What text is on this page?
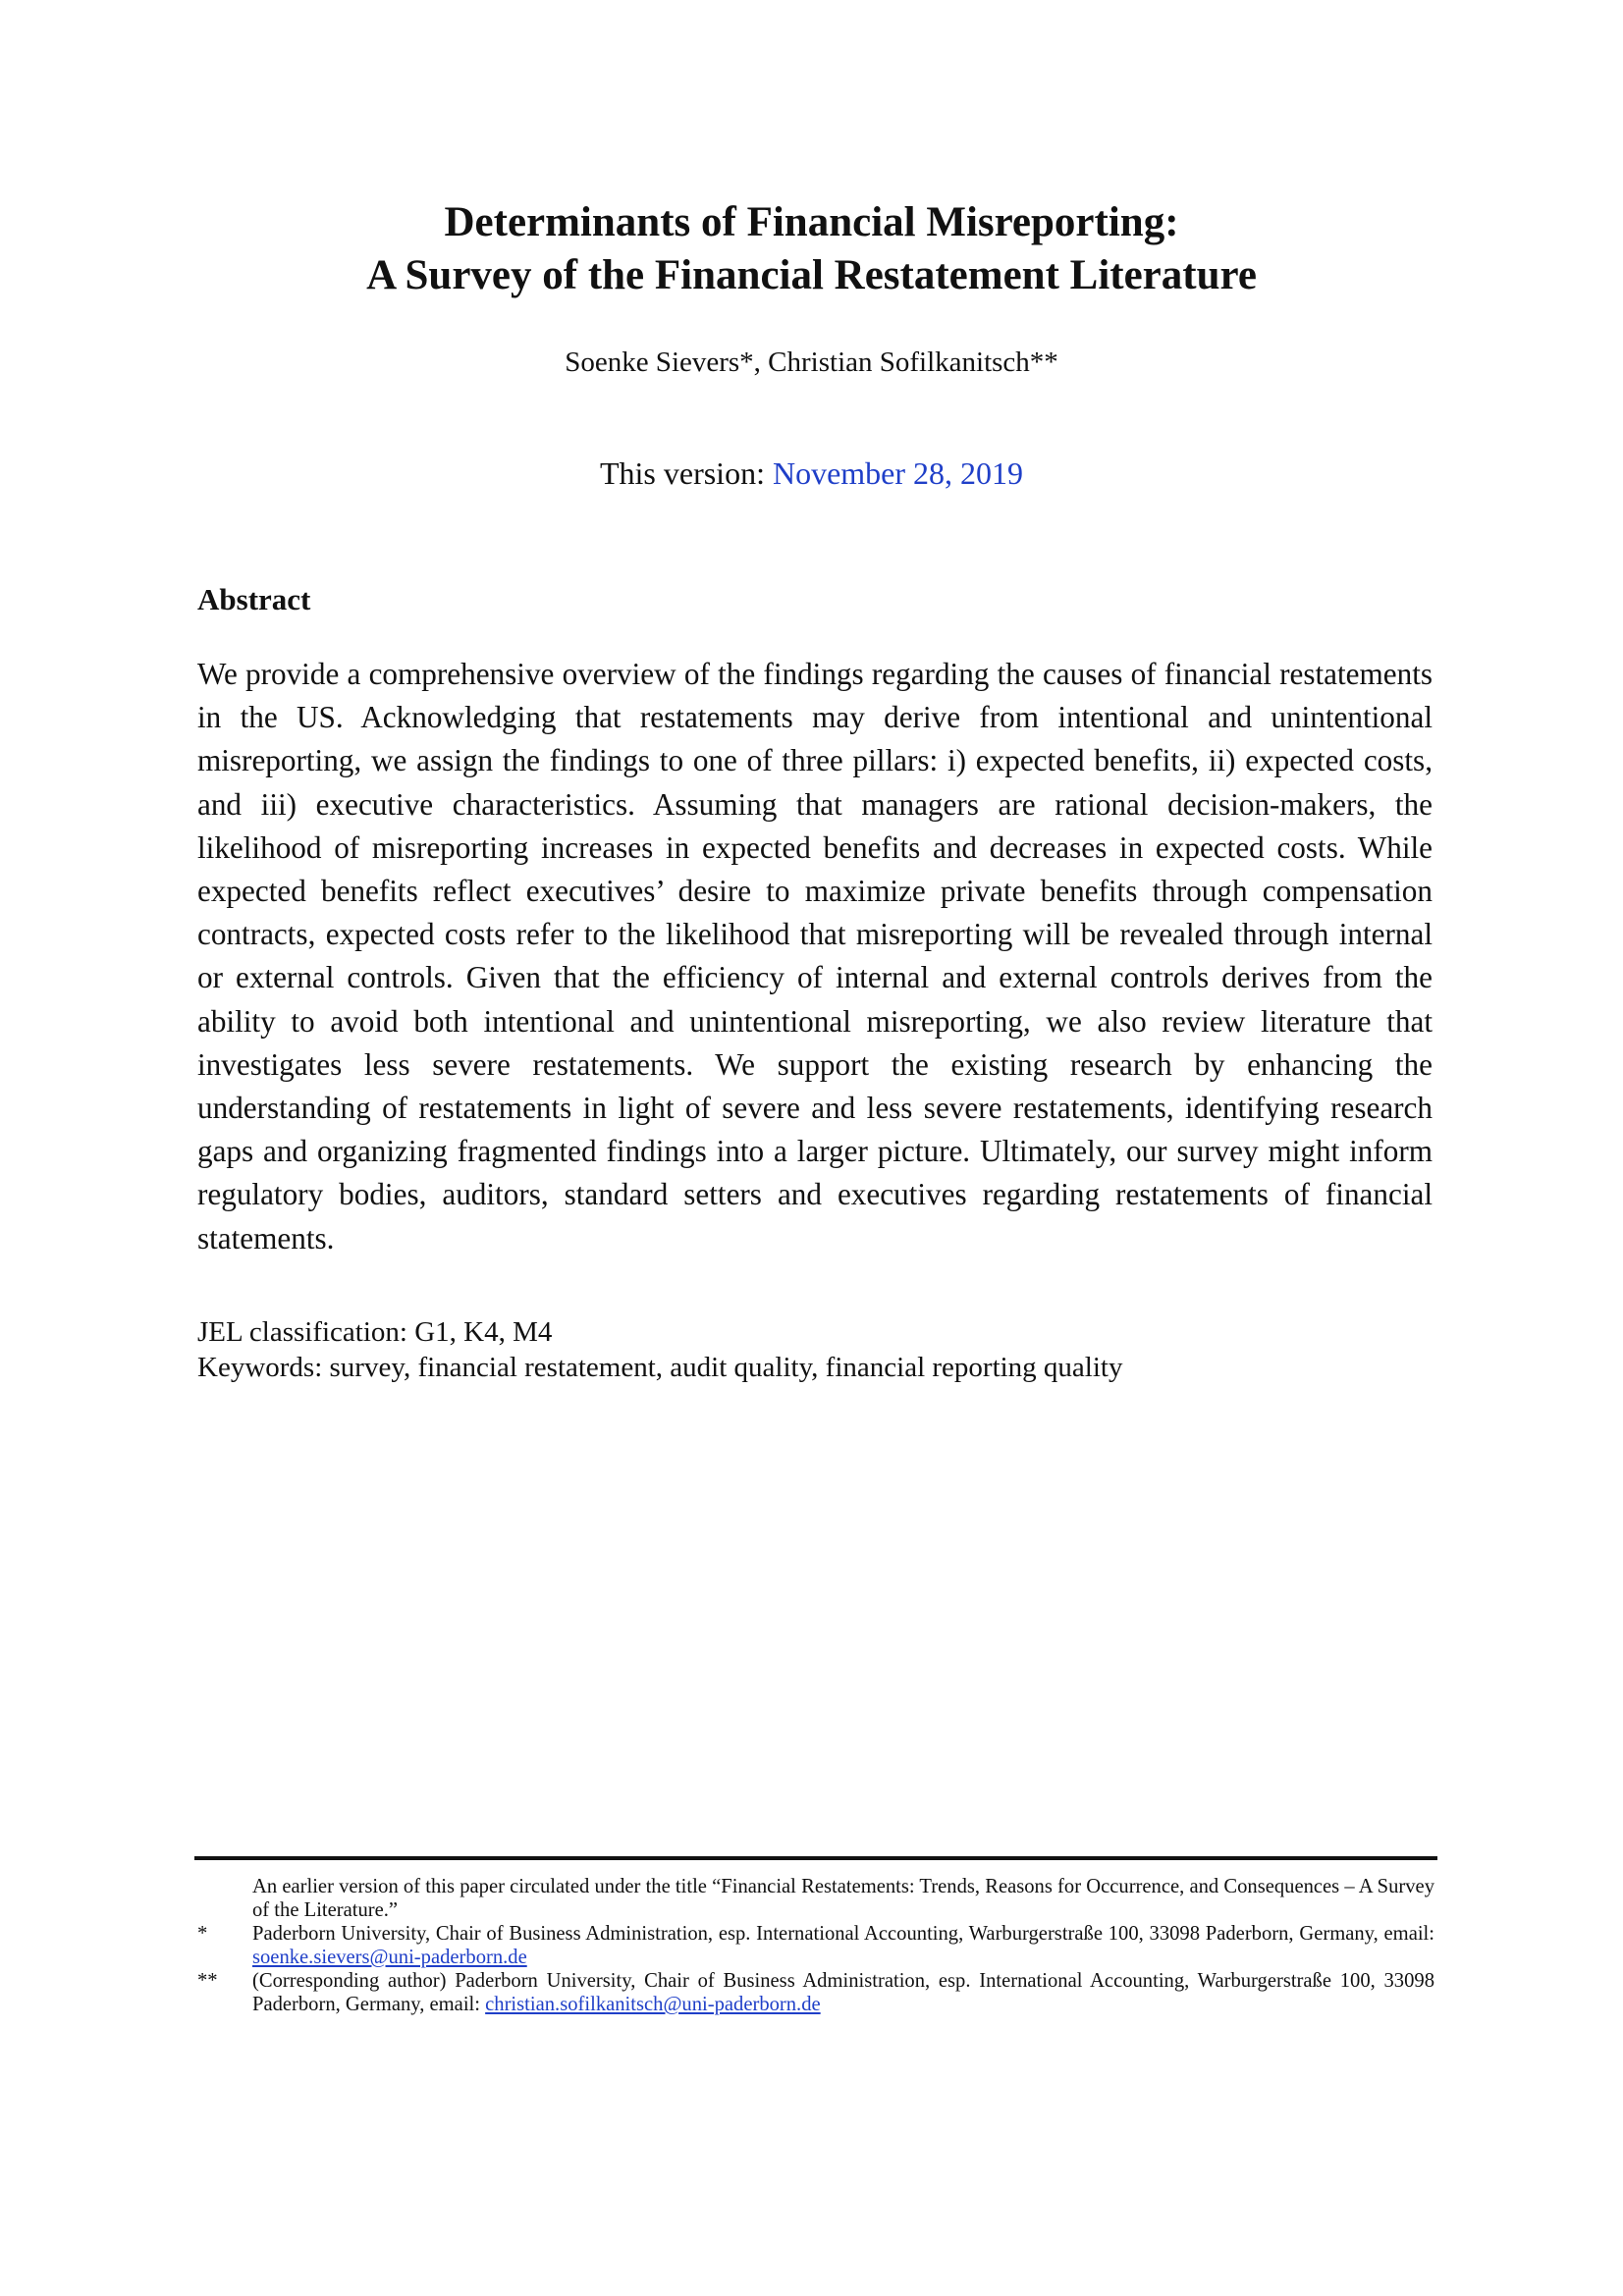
Determinants of Financial Misreporting:
A Survey of the Financial Restatement Literature
Soenke Sievers*, Christian Sofilkanitsch**
This version: November 28, 2019
Abstract

We provide a comprehensive overview of the findings regarding the causes of financial restatements in the US. Acknowledging that restatements may derive from intentional and unintentional misreporting, we assign the findings to one of three pillars: i) expected benefits, ii) expected costs, and iii) executive characteristics. Assuming that managers are rational decision-makers, the likelihood of misreporting increases in expected benefits and decreases in expected costs. While expected benefits reflect executives’ desire to maximize private benefits through compensation contracts, expected costs refer to the likelihood that misreporting will be revealed through internal or external controls. Given that the efficiency of internal and external controls derives from the ability to avoid both intentional and unintentional misreporting, we also review literature that investigates less severe restatements. We support the existing research by enhancing the understanding of restatements in light of severe and less severe restatements, identifying research gaps and organizing fragmented findings into a larger picture. Ultimately, our survey might inform regulatory bodies, auditors, standard setters and executives regarding restatements of financial statements.

JEL classification: G1, K4, M4
Keywords: survey, financial restatement, audit quality, financial reporting quality
An earlier version of this paper circulated under the title “Financial Restatements: Trends, Reasons for Occurrence, and Consequences – A Survey of the Literature.”
* Paderborn University, Chair of Business Administration, esp. International Accounting, Warburgerstraße 100, 33098 Paderborn, Germany, email: soenke.sievers@uni-paderborn.de
** (Corresponding author) Paderborn University, Chair of Business Administration, esp. International Accounting, Warburgerstraße 100, 33098 Paderborn, Germany, email: christian.sofilkanitsch@uni-paderborn.de
